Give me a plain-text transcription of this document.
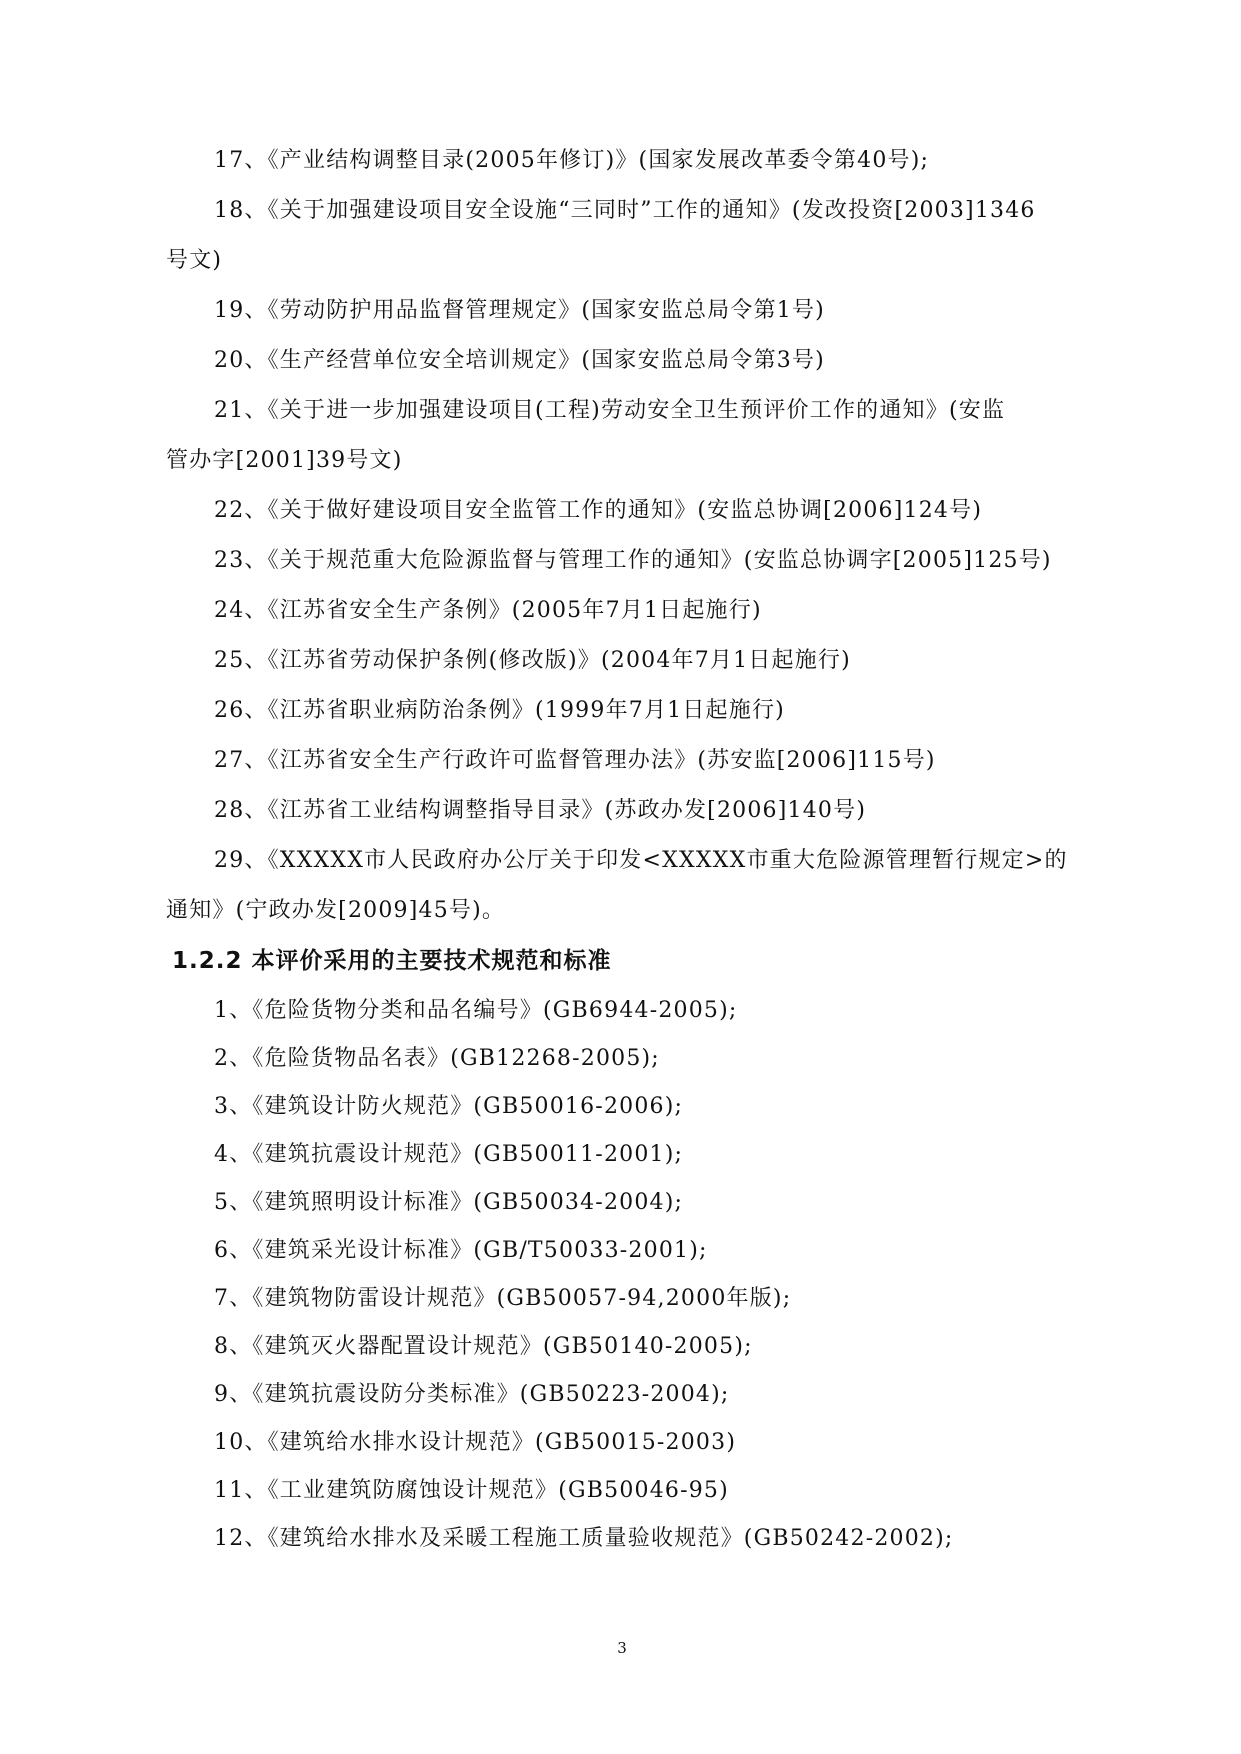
17、《产业结构调整目录(2005年修订)》(国家发展改革委令第40号);

18、《关于加强建设项目安全设施“三同时”工作的通知》(发改投资[2003]1346

号文)

19、《劳动防护用品监督管理规定》(国家安监总局令第1号)

20、《生产经营单位安全培训规定》(国家安监总局令第3号)

21、《关于进一步加强建设项目(工程)劳动安全卫生预评价工作的通知》(安监

管办字[2001]39号文)

22、《关于做好建设项目安全监管工作的通知》(安监总协调[2006]124号)

23、《关于规范重大危险源监督与管理工作的通知》(安监总协调字[2005]125号)

24、《江苏省安全生产条例》(2005年7月1日起施行)

25、《江苏省劳动保护条例(修改版)》(2004年7月1日起施行)

26、《江苏省职业病防治条例》(1999年7月1日起施行)

27、《江苏省安全生产行政许可监督管理办法》(苏安监[2006]115号)

28、《江苏省工业结构调整指导目录》(苏政办发[2006]140号)

29、《XXXXX市人民政府办公厅关于印发<XXXXX市重大危险源管理暂行规定>的

通知》(宁政办发[2009]45号)。

1.2.2 本评价采用的主要技术规范和标准

1、《危险货物分类和品名编号》(GB6944-2005);

2、《危险货物品名表》(GB12268-2005);

3、《建筑设计防火规范》(GB50016-2006);

4、《建筑抗震设计规范》(GB50011-2001);

5、《建筑照明设计标准》(GB50034-2004);

6、《建筑采光设计标准》(GB/T50033-2001);

7、《建筑物防雷设计规范》(GB50057-94,2000年版);

8、《建筑灭火器配置设计规范》(GB50140-2005);

9、《建筑抗震设防分类标准》(GB50223-2004);

10、《建筑给水排水设计规范》(GB50015-2003)

11、《工业建筑防腐蚀设计规范》(GB50046-95)

12、《建筑给水排水及采暖工程施工质量验收规范》(GB50242-2002);

3
